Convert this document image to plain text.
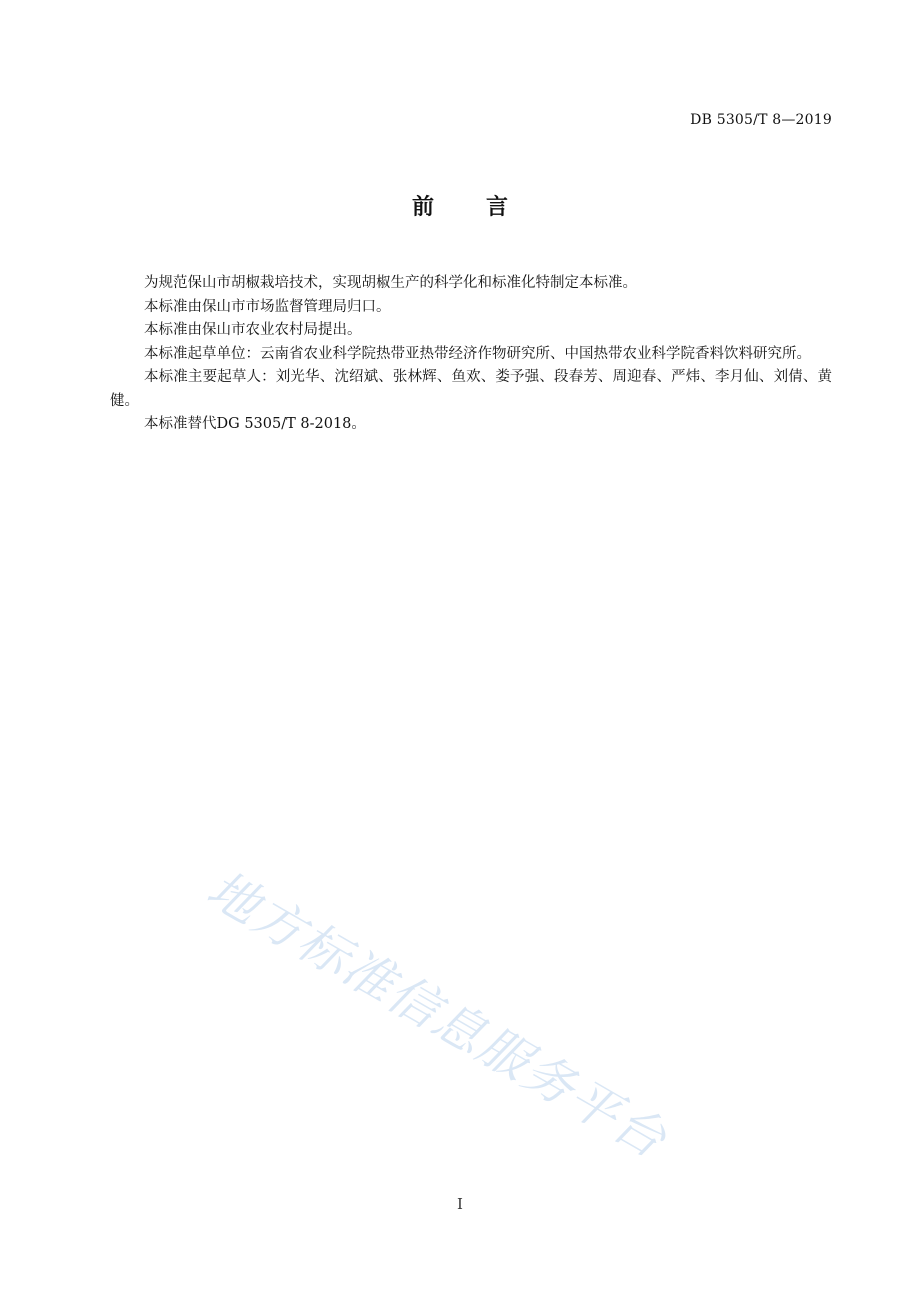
DB 5305/T 8—2019
前言

为规范保山市胡椒栽培技术，实现胡椒生产的科学化和标准化特制定本标准。

本标准由保山市市场监督管理局归口。

本标准由保山市农业农村局提出。

本标准起草单位：云南省农业科学院热带亚热带经济作物研究所、中国热带农业科学院香料饮料研究所。

本标准主要起草人：刘光华、沈绍斌、张林辉、鱼欢、娄予强、段春芳、周迎春、严炜、李月仙、刘倩、黄健。

本标准替代DG 5305/T 8-2018。

地方标准信息服务平台
I
